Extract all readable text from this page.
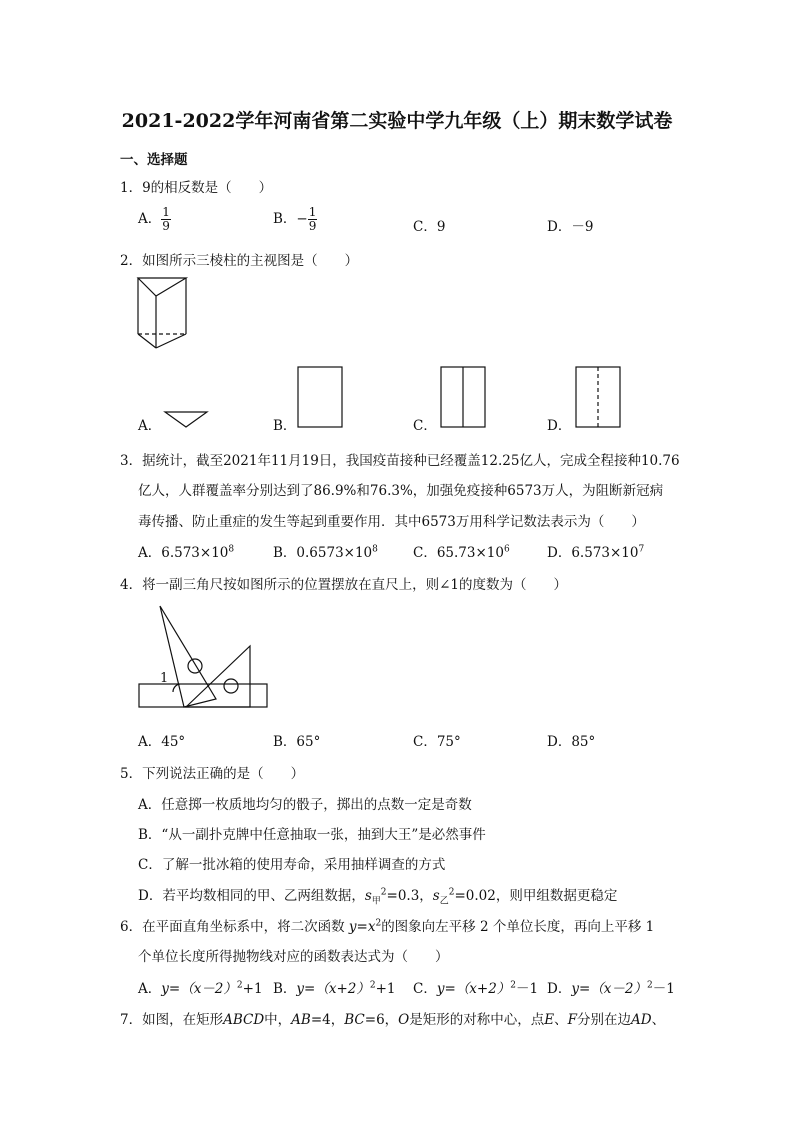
2021-2022学年河南省第二实验中学九年级（上）期末数学试卷
一、选择题
1．9的相反数是（　　）
A． $\frac{1}{9}$	B．− $\frac{1}{9}$	C．9	D．－9
2．如图所示三棱柱的主视图是（　　）
A．	B．	C．	D．
3．据统计，截至2021年11月19日，我国疫苗接种已经覆盖12.25亿人，完成全程接种10.76
亿人，人群覆盖率分别达到了86.9%和76.3%，加强免疫接种6573万人，为阻断新冠病
毒传播、防止重症的发生等起到重要作用．其中6573万用科学记数法表示为（　　）
A．$6.573\times 10^8$	B．$0.6573\times 10^8$	C．$65.73\times 10^6$	D．$6.573\times 10^7$
4．将一副三角尺按如图所示的位置摆放在直尺上，则∠1的度数为（　　）
1
A．45°	B．65°	C．75°	D．85°
5．下列说法正确的是（　　）
A．任意掷一枚质地均匀的骰子，掷出的点数一定是奇数
B．“从一副扑克牌中任意抽取一张，抽到大王”是必然事件
C．了解一批冰箱的使用寿命，采用抽样调查的方式
D．若平均数相同的甲、乙两组数据，$s_甲^2=0.3$，$s_乙^2=0.02$，则甲组数据更稳定
6．在平面直角坐标系中，将二次函数 $y=x^2$的图象向左平移 2 个单位长度，再向上平移 1
个单位长度所得抛物线对应的函数表达式为（　　）
A．$y=(x-2)^2+1$ B．$y=(x+2)^2+1$ C．$y=(x+2)^2-1$ D．$y=(x-2)^2-1$
7．如图，在矩形ABCD中，AB=4，BC=6，O是矩形的对称中心，点E、F分别在边AD、
